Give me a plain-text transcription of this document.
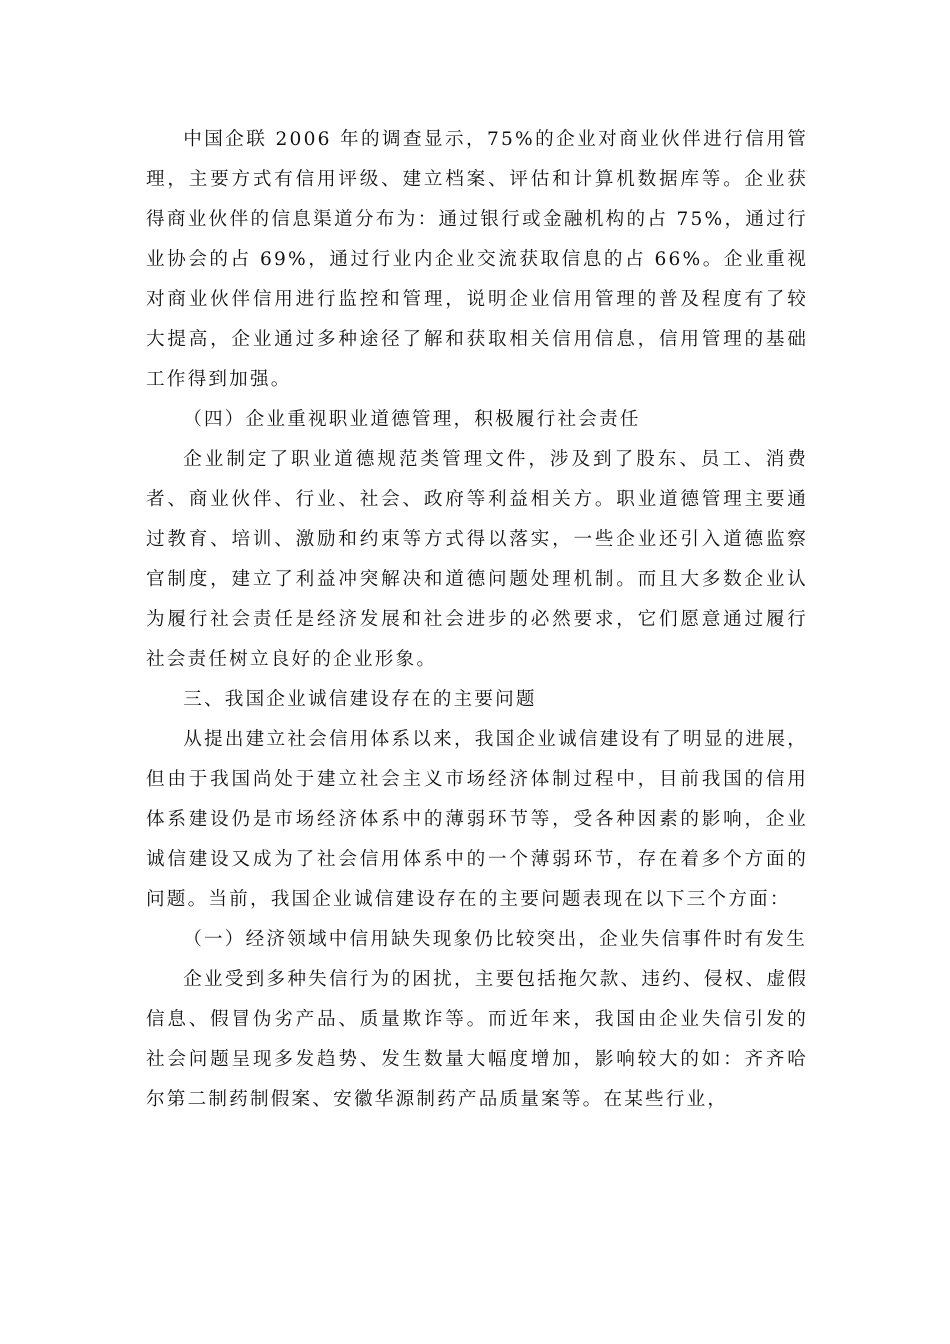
中国企联 2006 年的调查显示，75%的企业对商业伙伴进行信用管理，主要方式有信用评级、建立档案、评估和计算机数据库等。企业获得商业伙伴的信息渠道分布为：通过银行或金融机构的占 75%，通过行业协会的占 69%，通过行业内企业交流获取信息的占 66%。企业重视对商业伙伴信用进行监控和管理，说明企业信用管理的普及程度有了较大提高，企业通过多种途径了解和获取相关信用信息，信用管理的基础工作得到加强。

（四）企业重视职业道德管理，积极履行社会责任

企业制定了职业道德规范类管理文件，涉及到了股东、员工、消费者、商业伙伴、行业、社会、政府等利益相关方。职业道德管理主要通过教育、培训、激励和约束等方式得以落实，一些企业还引入道德监察官制度，建立了利益冲突解决和道德问题处理机制。而且大多数企业认为履行社会责任是经济发展和社会进步的必然要求，它们愿意通过履行社会责任树立良好的企业形象。

三、我国企业诚信建设存在的主要问题

从提出建立社会信用体系以来，我国企业诚信建设有了明显的进展，但由于我国尚处于建立社会主义市场经济体制过程中，目前我国的信用体系建设仍是市场经济体系中的薄弱环节等，受各种因素的影响，企业诚信建设又成为了社会信用体系中的一个薄弱环节，存在着多个方面的问题。当前，我国企业诚信建设存在的主要问题表现在以下三个方面：

（一）经济领域中信用缺失现象仍比较突出，企业失信事件时有发生

企业受到多种失信行为的困扰，主要包括拖欠款、违约、侵权、虚假信息、假冒伪劣产品、质量欺诈等。而近年来，我国由企业失信引发的社会问题呈现多发趋势、发生数量大幅度增加，影响较大的如：齐齐哈尔第二制药制假案、安徽华源制药产品质量案等。在某些行业，
